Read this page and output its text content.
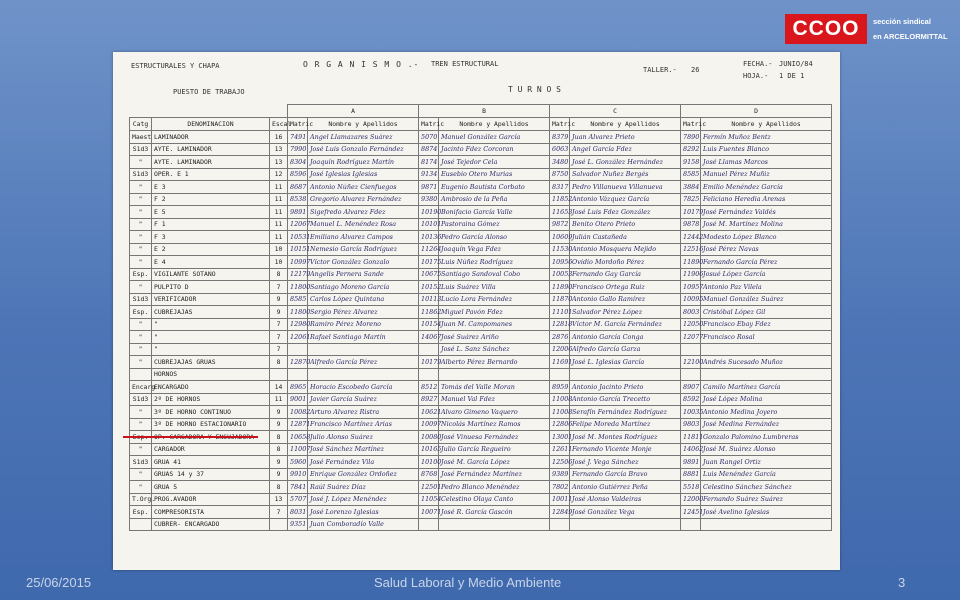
CCOO	sección sindical
en ARCELORMITTAL
ESTRUCTURALES Y CHAPA	O R G A N I S M O .- TREN ESTRUCTURAL
TALLER.- 26
FECHA.- JUNIO/84
HOJA.- 1 DE 1
PUESTO DE TRABAJO	T U R N O S
			A		B		C		D	
Catg	DENOMINACION	Escal	Matric	Nombre y Apellidos	Matric	Nombre y Apellidos	Matric	Nombre y Apellidos	Matric	Nombre y Apellidos
Maest	LAMINADOR	16	7491	Angel Llamazares Suárez	5070	Manuel González García	8379	Juan Alvarez Prieto	7890	Fermín Muñoz Bentz
S1d3	AYTE. LAMINADOR	13	7990	José Luis Gonzalo Fernández	8874	Jacinto Fdez Corcoran	6063	Angel García Fdez	8292	Luis Fuentes Blanco
"	AYTE. LAMINADOR	13	8304	Joaquín Rodríguez Martín	8174	José Tejedor Cela	3480	José L. González Hernández	9158	José Llamas Marcos
S1d3	OPER. E 1	12	8596	José Iglesias Iglesias	9134	Eusebio Otero Murias	8750	Salvador Nuñez Bergés	8585	Manuel Pérez Muñiz
"	E 3	11	8687	Antonio Núñez Cienfuegos	9871	Eugenio Bautista Corbato	8317	Pedro Villanueva Villanueva	3884	Emilio Menéndez García
"	F 2	11	8538	Gregorio Alvarez Fernández	9380	Ambrosio de la Peña	11852	Antonio Vázquez García	7825	Feliciano Heredia Arenas
"	E 5	11	9891	Sigefredo Alvarez Fdez	10190	Bonifacio García Valle	11653	José Luis Fdez González	10179	José Fernández Valdés
"	F 1	11	12067	Manuel L. Menéndez Rosa	10101	Pastoraina Gómez	9872	Benito Otero Prieto	9878	José M. Martínez Molina
"	F 3	11	10531	Emiliano Alvarez Campos	10136	Pedro García Alonso	10609	Julián Castañeda	12442	Modesto López Blanco
"	E 2	10	10151	Nemesio García Rodríguez	11264	Joaquín Vega Fdez	11530	Antonio Mosquera Mejido	12516	José Pérez Navas
"	E 4	10	10997	Víctor González Gonzalo	10175	Luis Núñez Rodríguez	10956	Ovidio Mordoño Pérez	11890	Fernando García Pérez
Esp.	VIGILANTE SOTANO	8	12179	Angelis Pernera Sande	10675	Santiago Sandoval Cobo	10053	Fernando Gay García	11906	Josué López García
"	PULPITO D	7	11800	Santiago Moreno García	10152	Luis Suárez Villa	11890	Francisco Ortega Ruiz	10957	Antonio Paz Vilela
S1d3	VERIFICADOR	9	8585	Carlos López Quintana	10113	Lucio Lora Fernández	11870	Antonio Gallo Ramírez	10095	Manuel González Suárez
Esp.	CUBREJAJAS	9	11800	Sergio Pérez Alvarez	11862	Miguel Pavón Fdez	11101	Salvador Pérez López	8003	Cristóbal López Gil
"	"	7	12980	Ramiro Pérez Moreno	10154	Juan M. Campomanes	12818	Víctor M. García Fernández	12050	Francisco Ebay Fdez
"	"	7	12061	Rafael Santiago Martín	14067	José Suárez Ariño	2876	Antonio García Conga	12077	Francisco Rosal
"	"	7				José L. Sanz Sánchez	12006	Alfredo García Garza		
"	CUBREJAJAS GRUAS	8	12870	Alfredo García Pérez	10179	Alberto Pérez Bernardo	11691	José L. Iglesias García	12100	Andrés Sucesado Muñoz
	HORNOS									
Encarg	ENCARGADO	14	8965	Horacio Escobedo García	8512	Tomás del Valle Moran	8959	Antonio Jacinto Prieto	8907	Camilo Martínez García
S1d3	2º DE HORNOS	11	9001	Javier García Suárez	8927	Manuel Val Fdez	11008	Antonio García Trecetto	8592	José López Molina
"	3º DE HORNO CONTINUO	9	10082	Arturo Alvarez Ristra	10621	Alvaro Gimeno Vaquero	11008	Serafín Fernández Rodríguez	10035	Antonio Medina Joyero
"	3º DE HORNO ESTACIONARIO	9	12871	Francisco Martínez Arias	10097	Nicolás Martínez Ramos	12806	Felipe Moreda Martínez	9803	José Medina Fernández
		8	10658	Julio Alonso Suárez	10080	José Vinuesa Fernández	13001	José M. Montes Rodríguez	11811	Gonzalo Palomino Lumbreras
"	CARGADOR	8	11007	José Sánchez Martínez	10165	Julio García Regueiro	12611	Fernando Vicente Monje	14062	José M. Suárez Alonso
S1d3	GRUA 41	9	5960	José Fernández Vila	10100	José M. García López	12506	José J. Vega Sánchez	9891	Juan Rangel Ortiz
"	GRUAS 14 y 37	9	9910	Enrique González Ordoñez	8768	José Fernández Martínez	9389	Fernando García Bravo	8881	Luis Menéndez García
"	GRUA 5	8	7841	Raúl Suárez Díaz	12501	Pedro Blanco Menéndez	7802	Antonio Gutiérrez Peña	5518	Celestino Sánchez Sánchez
T.Org.	PROG.AVADOR	13	5707	José J. López Menéndez	11054	Celestino Olaya Canto	10011	José Alonso Valdeiras	12000	Fernando Suárez Suárez
Esp.	COMPRESORISTA	7	8031	José Lorenzo Iglesias	10071	José R. García Gascón	12849	José González Vega	12451	José Avelino Iglesias
	CUBRER- ENCARGADO		9351	Juan Comboradío Valle						
25/06/2015	Salud Laboral y Medio Ambiente	3
